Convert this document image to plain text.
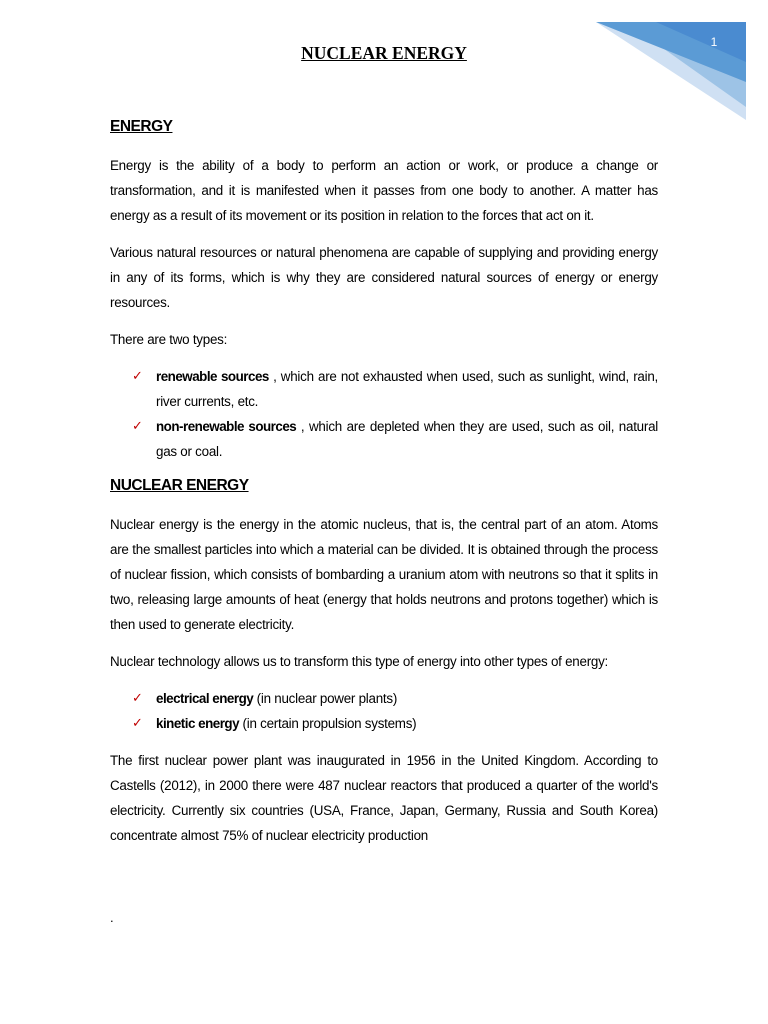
1
NUCLEAR ENERGY
ENERGY

Energy is the ability of a body to perform an action or work, or produce a change or transformation, and it is manifested when it passes from one body to another. A matter has energy as a result of its movement or its position in relation to the forces that act on it.

Various natural resources or natural phenomena are capable of supplying and providing energy in any of its forms, which is why they are considered natural sources of energy or energy resources.

There are two types:

✓ renewable sources , which are not exhausted when used, such as sunlight, wind, rain, river currents, etc.
✓ non-renewable sources , which are depleted when they are used, such as oil, natural gas or coal.
NUCLEAR ENERGY

Nuclear energy is the energy in the atomic nucleus, that is, the central part of an atom. Atoms are the smallest particles into which a material can be divided. It is obtained through the process of nuclear fission, which consists of bombarding a uranium atom with neutrons so that it splits in two, releasing large amounts of heat (energy that holds neutrons and protons together) which is then used to generate electricity.

Nuclear technology allows us to transform this type of energy into other types of energy:

✓ electrical energy (in nuclear power plants)
✓ kinetic energy (in certain propulsion systems)

The first nuclear power plant was inaugurated in 1956 in the United Kingdom. According to Castells (2012), in 2000 there were 487 nuclear reactors that produced a quarter of the world's electricity. Currently six countries (USA, France, Japan, Germany, Russia and South Korea) concentrate almost 75% of nuclear electricity production

.
